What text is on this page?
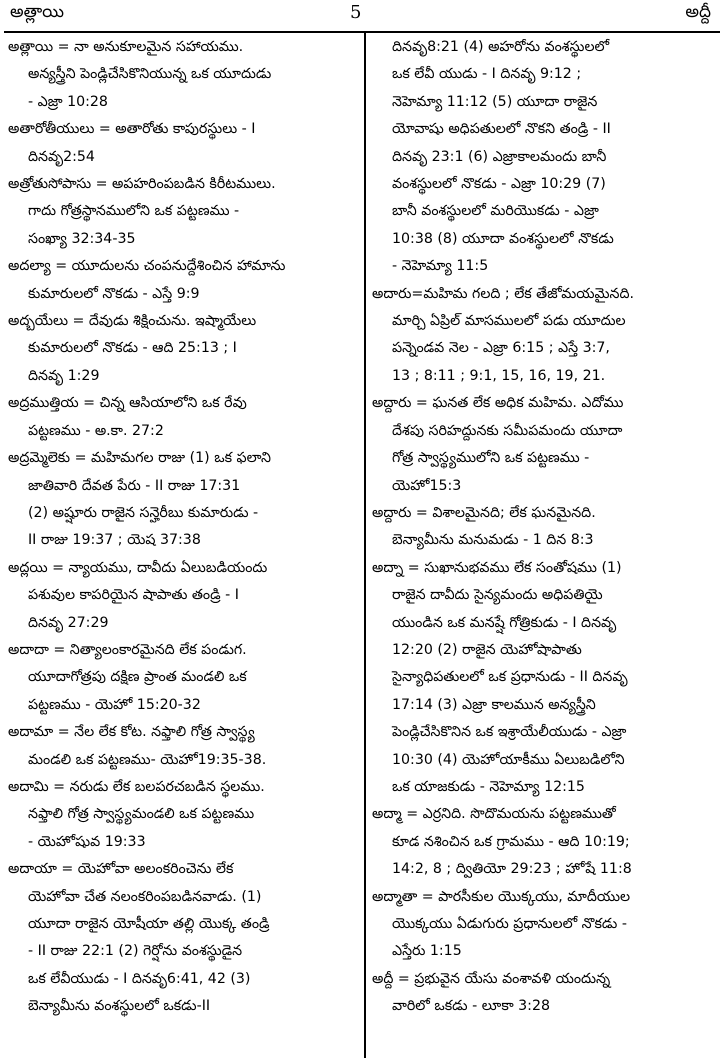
అత్లాయి	5	అద్దీ
అత్లాయి = నా అనుకూలమైన సహాయము.
అన్యస్త్రీని పెండ్లిచేసికొనియున్న ఒక యూదుడు
- ఎజ్రా 10:28
అతారోతీయులు = అతారోతు కాపురస్థులు - I
దినవృ2:54
అత్రోతుసోపాసు = అపహరింపబడిన కిరీటములు.
గాదు గోత్రస్థానములోని ఒక పట్టణము -
సంఖ్యా 32:34-35
అదల్యా = యూదులను చంపనుద్దేశించిన హామాను
కుమారులలో నొకడు - ఎస్తే 9:9
అద్బయేలు = దేవుడు శిక్షించును. ఇష్మాయేలు
కుమారులలో నొకడు - ఆది 25:13 ; I
దినవృ 1:29
అద్రముత్తియ = చిన్న ఆసియాలోని ఒక రేవు
పట్టణము - అ.కా. 27:2
అద్రమ్మెలెకు = మహిమగల రాజు (1) ఒక ఫలాని
జాతివారి దేవత పేరు - II రాజు 17:31
(2) అష్షూరు రాజైన సన్హెరీబు కుమారుడు -
II రాజు 19:37 ; యెష 37:38
అద్లయి = న్యాయము, దావీదు ఏలుబడియందు
పశువుల కాపరియైన షాపాతు తండ్రి - I
దినవృ 27:29
అదాదా = నిత్యాలంకారమైనది లేక పండుగ.
యూదాగోత్రపు దక్షిణ ప్రాంత మండలి ఒక
పట్టణము - యెహో 15:20-32
అదామా = నేల లేక కోట. నఫ్తాలి గోత్ర స్వాస్థ్య
మండలి ఒక పట్టణము- యెహో19:35-38.
అదామి = నరుడు లేక బలపరచబడిన స్థలము.
నఫ్తాలి గోత్ర స్వాస్థ్యమండలి ఒక పట్టణము
- యెహోషువ 19:33
అదాయా = యెహోవా అలంకరించెను లేక
యెహోవా చేత నలంకరింపబడినవాడు. (1)
యూదా రాజైన యోషీయా తల్లి యొక్క తండ్రి
- II రాజు 22:1 (2) గెర్షోను వంశస్థుడైన
ఒక లేవీయుడు - I దినవృ6:41, 42 (3)
బెన్యామీను వంశస్థులలో ఒకడు-II
దినవృ8:21 (4) అహరోను వంశస్థులలో
ఒక లేవీ యుడు - I దినవృ 9:12 ;
నెహెమ్యా 11:12 (5) యూదా రాజైన
యోవాషు అధిపతులలో నొకని తండ్రి - II
దినవృ 23:1 (6) ఎజ్రాకాలమందు బానీ
వంశస్థులలో నొకడు - ఎజ్రా 10:29 (7)
బానీ వంశస్థులలో మరియొకడు - ఎజ్రా
10:38 (8) యూదా వంశస్థులలో నొకడు
- నెహెమ్యా 11:5
అదారు=మహిమ గలది ; లేక తేజోమయమైనది.
మార్చి ఏప్రిల్ మాసములలో పడు యూదుల
పన్నెండవ నెల - ఎజ్రా 6:15 ; ఎస్తే 3:7,
13 ; 8:11 ; 9:1, 15, 16, 19, 21.
అద్దారు = ఘనత లేక అధిక మహిమ. ఎదోము
దేశపు సరిహద్దునకు సమీపమందు యూదా
గోత్ర స్వాస్థ్యములోని ఒక పట్టణము -
యెహో15:3
అద్దారు = విశాలమైనది; లేక ఘనమైనది.
బెన్యామీను మనుమడు - 1 దిన 8:3
అద్నా = సుఖానుభవము లేక సంతోషము (1)
రాజైన దావీదు సైన్యమందు అధిపతియై
యుండిన ఒక మనష్షే గోత్రికుడు - I దినవృ
12:20 (2) రాజైన యెహోషాపాతు
సైన్యాధిపతులలో ఒక ప్రధానుడు - II దినవృ
17:14 (3) ఎజ్రా కాలమున అన్యస్త్రీని
పెండ్లిచేసికొనిన ఒక ఇశ్రాయేలీయుడు - ఎజ్రా
10:30 (4) యెహోయాకీము ఏలుబడిలోని
ఒక యాజకుడు - నెహెమ్యా 12:15
అద్మా = ఎర్రనిది. సొదొమయను పట్టణముతో
కూడ నశించిన ఒక గ్రామము - ఆది 10:19;
14:2, 8 ; ద్వితియో 29:23 ; హోషే 11:8
అద్మాతా = పారసీకుల యొక్కయు, మాదీయుల
యొక్కయు ఏడుగురు ప్రధానులలో నొకడు -
ఎస్తేరు 1:15
అద్దీ = ప్రభువైన యేసు వంశావళి యందున్న
వారిలో ఒకడు - లూకా 3:28
